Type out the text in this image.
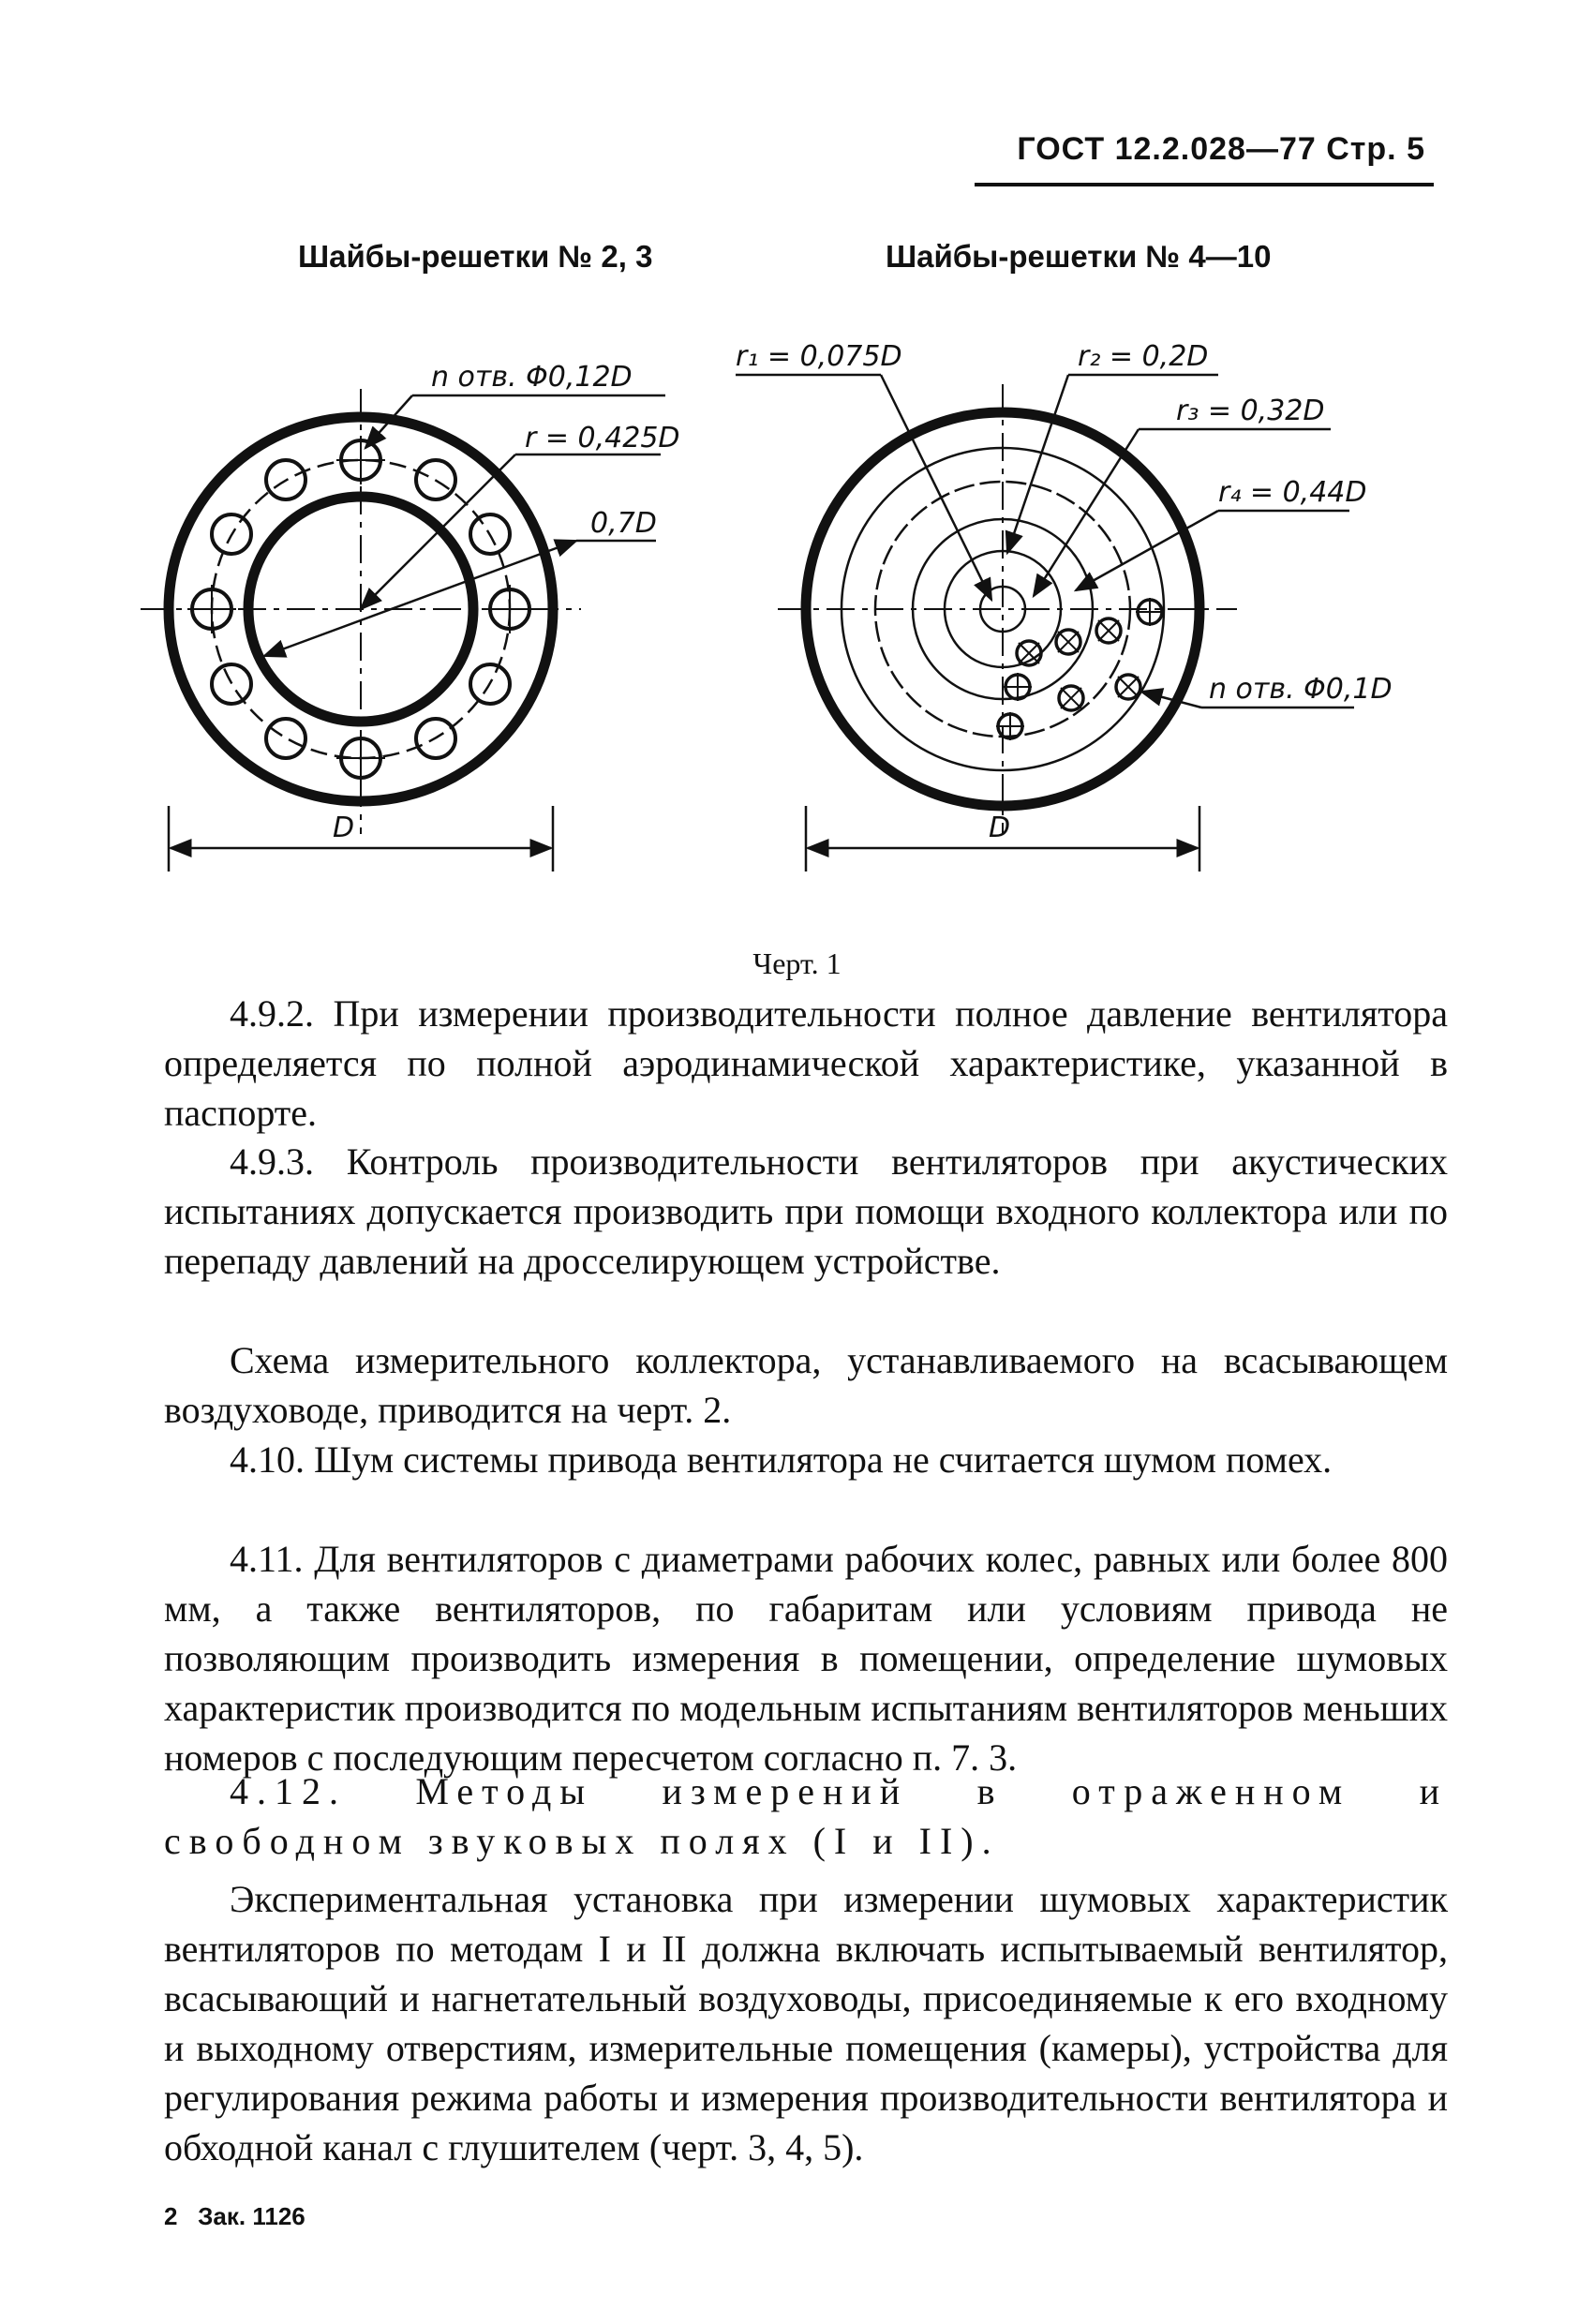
ГОСТ 12.2.028—77 Стр. 5
Шайбы-решетки № 2, 3	Шайбы-решетки № 4—10
n отв. Φ0,12D
r = 0,425D
0,7D
D
r₁ = 0,075D	r₂ = 0,2D
r₃ = 0,32D
r₄ = 0,44D
n отв. Φ0,1D
D
Черт. 1

4.9.2. При измерении производительности полное давление вентилятора определяется по полной аэродинамической характеристике, указанной в паспорте.

4.9.3. Контроль производительности вентиляторов при акустических испытаниях допускается производить при помощи входного коллектора или по перепаду давлений на дросселирующем устройстве.

Схема измерительного коллектора, устанавливаемого на всасывающем воздуховоде, приводится на черт. 2.

4.10. Шум системы привода вентилятора не считается шумом помех.

4.11. Для вентиляторов с диаметрами рабочих колес, равных или более 800 мм, а также вентиляторов, по габаритам или условиям привода не позволяющим производить измерения в помещении, определение шумовых характеристик производится по модельным испытаниям вентиляторов меньших номеров с последующим пересчетом согласно п. 7. 3.

4.12. Методы измерений в отраженном и свободном звуковых полях (I и II).

Экспериментальная установка при измерении шумовых характеристик вентиляторов по методам I и II должна включать испытываемый вентилятор, всасывающий и нагнетательный воздуховоды, присоединяемые к его входному и выходному отверстиям, измерительные помещения (камеры), устройства для регулирования режима работы и измерения производительности вентилятора и обходной канал с глушителем (черт. 3, 4, 5).

2   Зак. 1126
